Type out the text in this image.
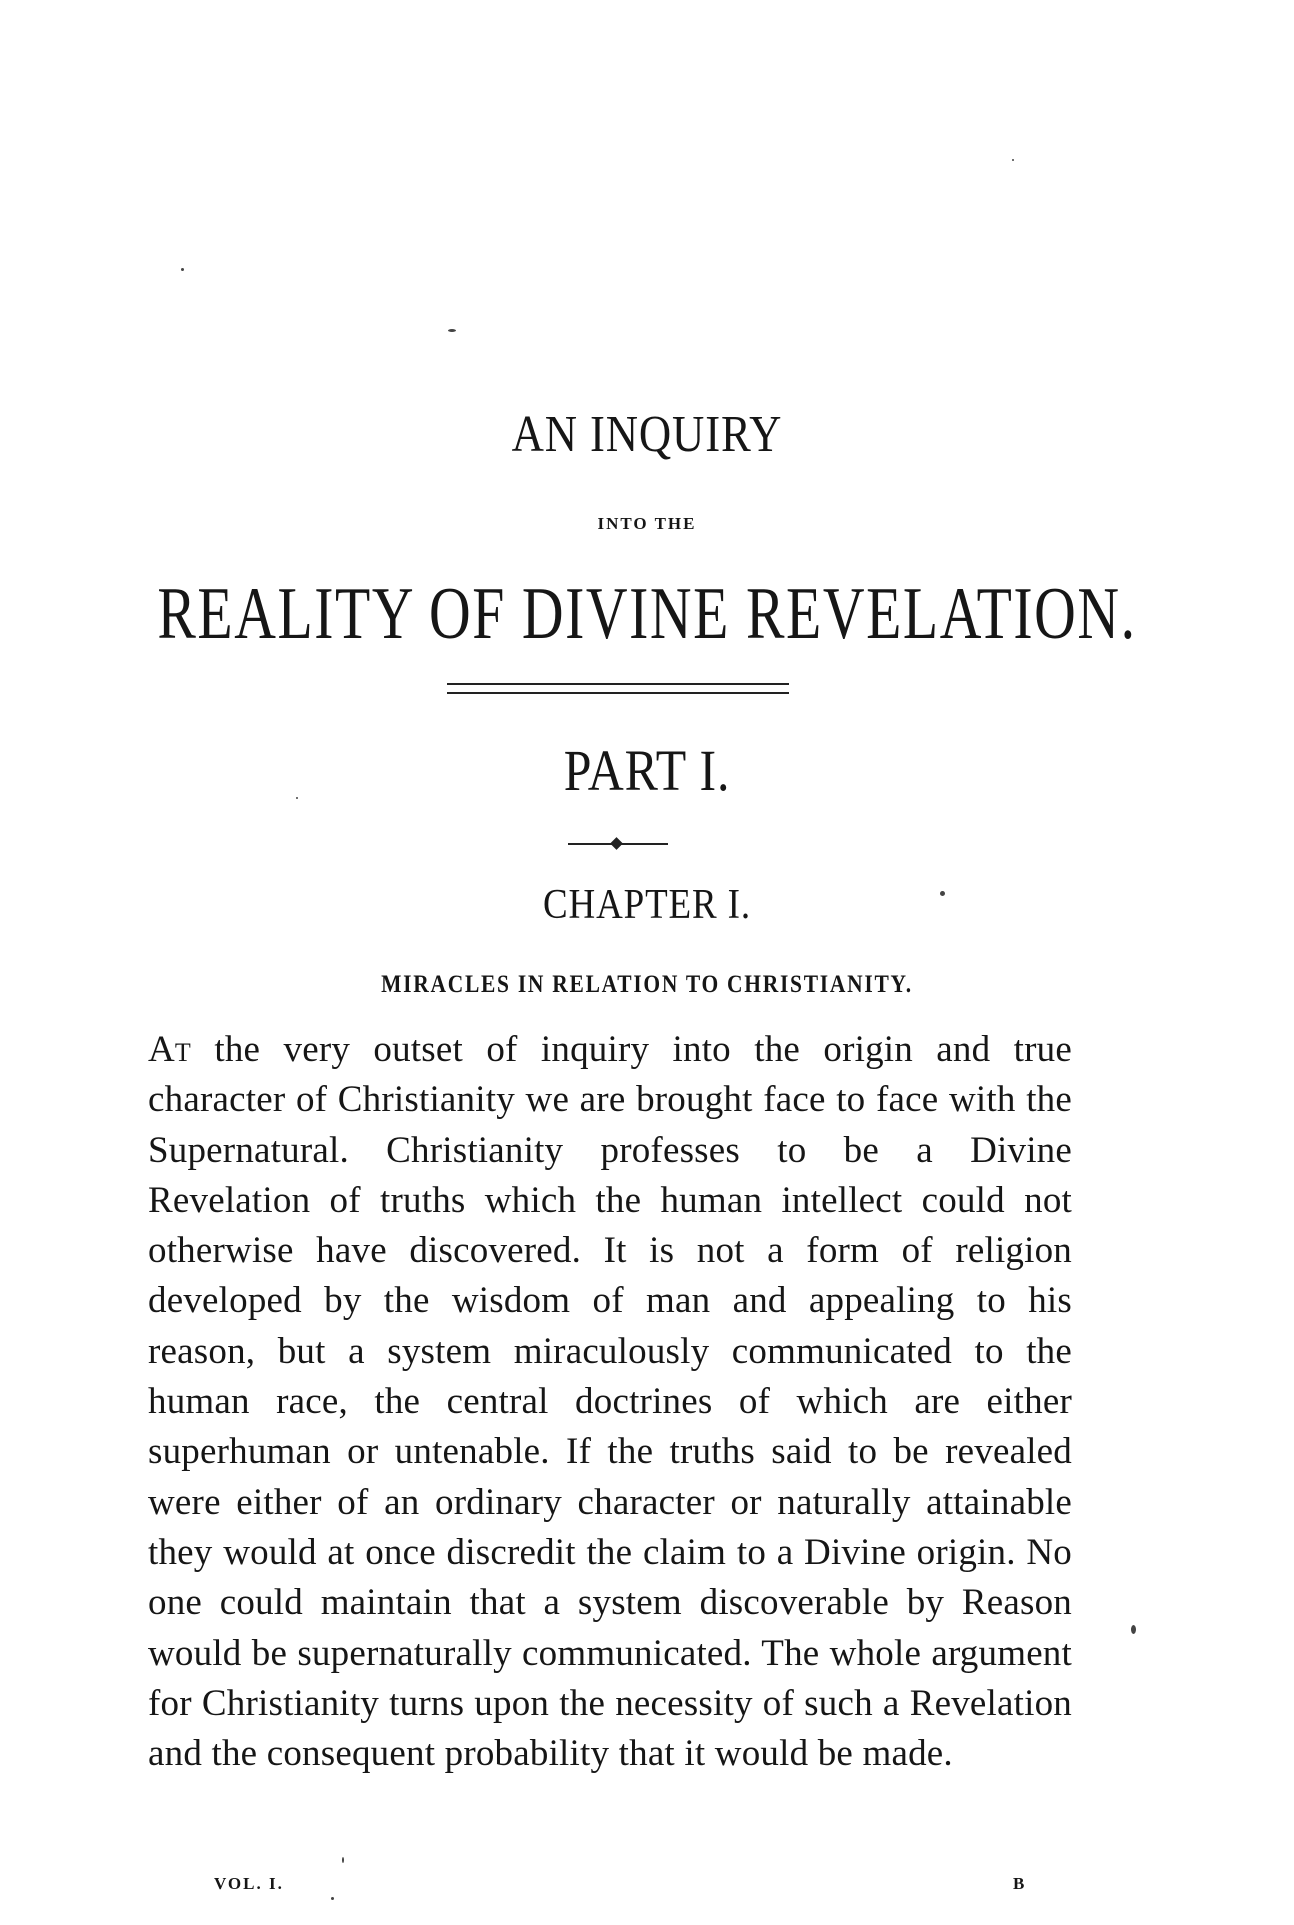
AN INQUIRY
INTO THE
REALITY OF DIVINE REVELATION.
PART I.
CHAPTER I.
MIRACLES IN RELATION TO CHRISTIANITY.
At the very outset of inquiry into the origin and true character of Christianity we are brought face to face with the Supernatural. Christianity professes to be a Divine Revelation of truths which the human intellect could not otherwise have discovered. It is not a form of religion developed by the wisdom of man and appealing to his reason, but a system miraculously communicated to the human race, the central doctrines of which are either superhuman or untenable. If the truths said to be revealed were either of an ordinary character or naturally attainable they would at once discredit the claim to a Divine origin. No one could maintain that a system discoverable by Reason would be supernaturally communicated. The whole argument for Christianity turns upon the necessity of such a Revelation and the consequent probability that it would be made.
VOL. I.	B
